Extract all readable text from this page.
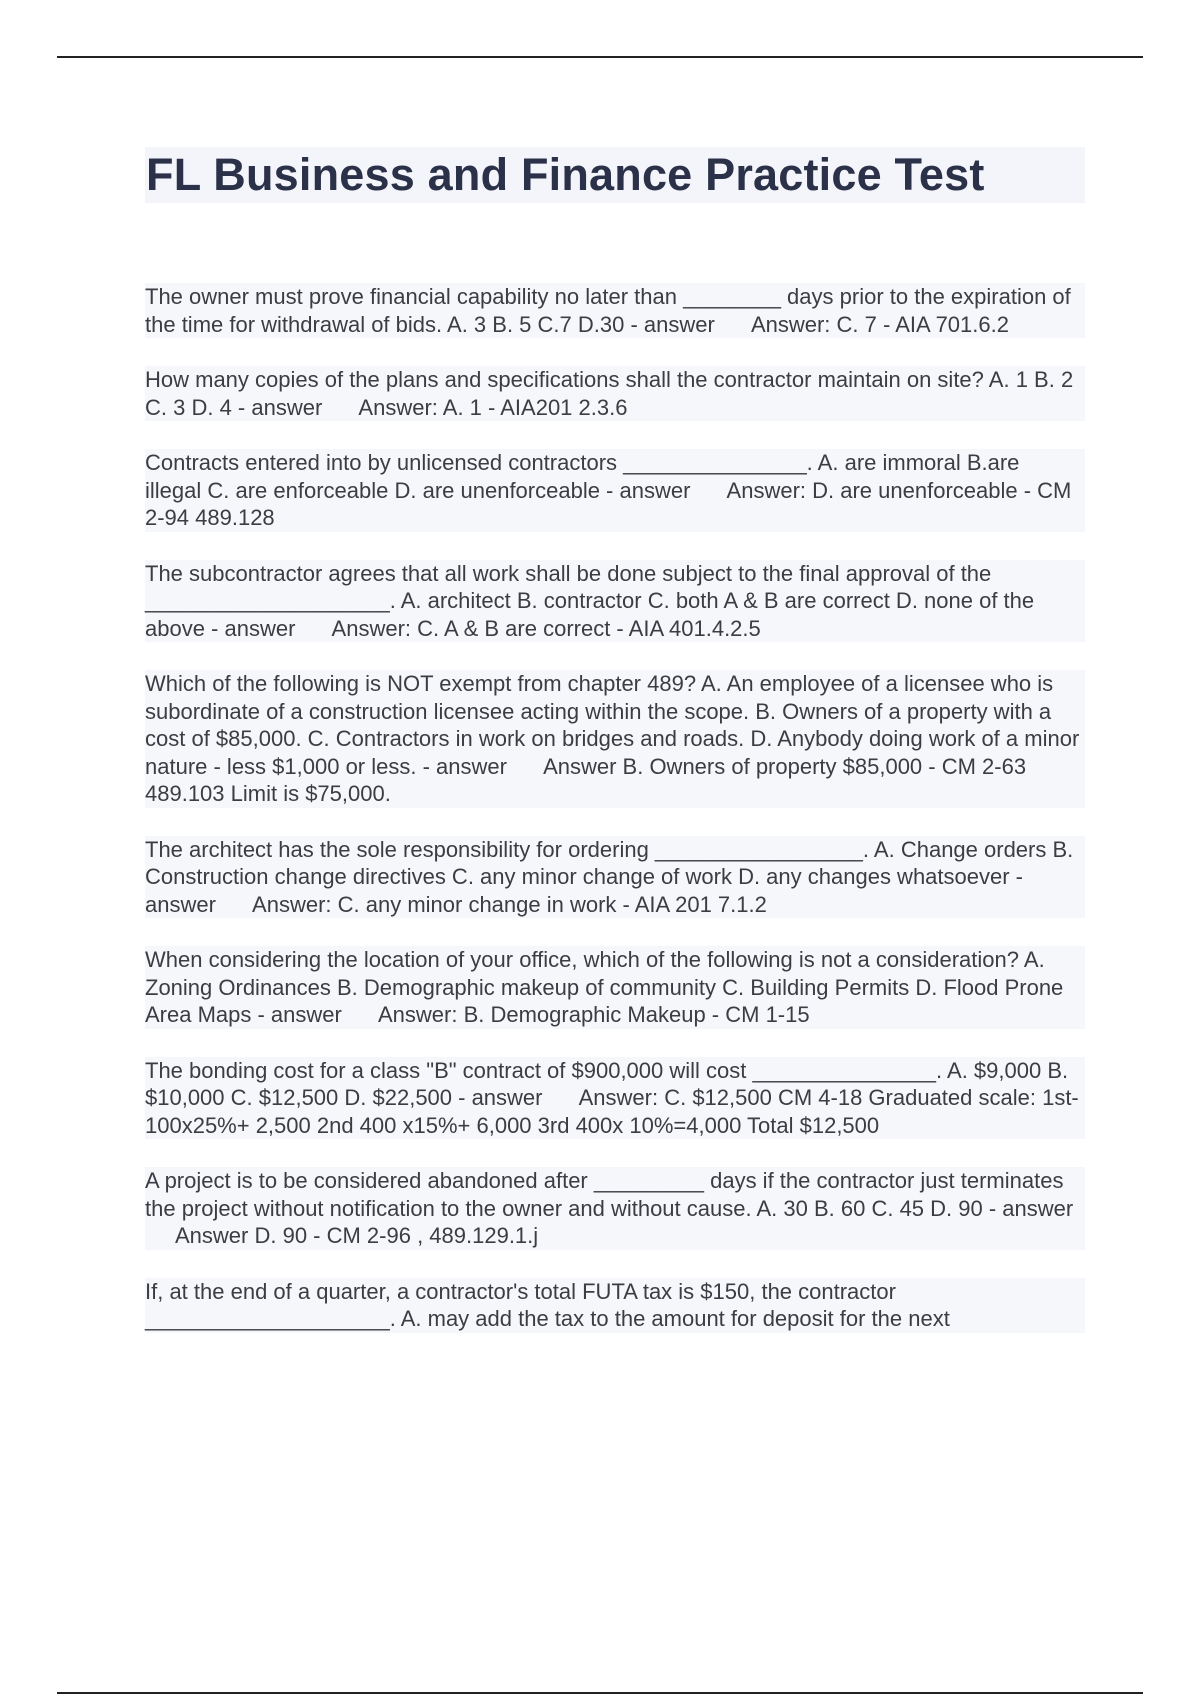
FL Business and Finance Practice Test

The owner must prove financial capability no later than ________ days prior to the expiration of the time for withdrawal of bids. A. 3 B. 5 C.7 D.30 - answer Answer: C. 7 - AIA 701.6.2

How many copies of the plans and specifications shall the contractor maintain on site? A. 1 B. 2 C. 3 D. 4 - answer Answer: A. 1 - AIA201 2.3.6

Contracts entered into by unlicensed contractors _______________. A. are immoral B.are illegal C. are enforceable D. are unenforceable - answer Answer: D. are unenforceable - CM 2-94 489.128

The subcontractor agrees that all work shall be done subject to the final approval of the ____________________. A. architect B. contractor C. both A & B are correct D. none of the above - answer Answer: C. A & B are correct - AIA 401.4.2.5

Which of the following is NOT exempt from chapter 489? A. An employee of a licensee who is subordinate of a construction licensee acting within the scope. B. Owners of a property with a cost of $85,000. C. Contractors in work on bridges and roads. D. Anybody doing work of a minor nature - less $1,000 or less. - answer Answer B. Owners of property $85,000 - CM 2-63 489.103 Limit is $75,000.

The architect has the sole responsibility for ordering _________________. A. Change orders B. Construction change directives C. any minor change of work D. any changes whatsoever - answer Answer: C. any minor change in work - AIA 201 7.1.2

When considering the location of your office, which of the following is not a consideration? A. Zoning Ordinances B. Demographic makeup of community C. Building Permits D. Flood Prone Area Maps - answer Answer: B. Demographic Makeup - CM 1-15

The bonding cost for a class "B" contract of $900,000 will cost _______________. A. $9,000 B. $10,000 C. $12,500 D. $22,500 - answer Answer: C. $12,500 CM 4-18 Graduated scale: 1st- 100x25%+ 2,500 2nd 400 x15%+ 6,000 3rd 400x 10%=4,000 Total $12,500

A project is to be considered abandoned after _________ days if the contractor just terminates the project without notification to the owner and without cause. A. 30 B. 60 C. 45 D. 90 - answerAnswer D. 90 - CM 2-96 , 489.129.1.j

If, at the end of a quarter, a contractor's total FUTA tax is $150, the contractor ____________________. A. may add the tax to the amount for deposit for the next
